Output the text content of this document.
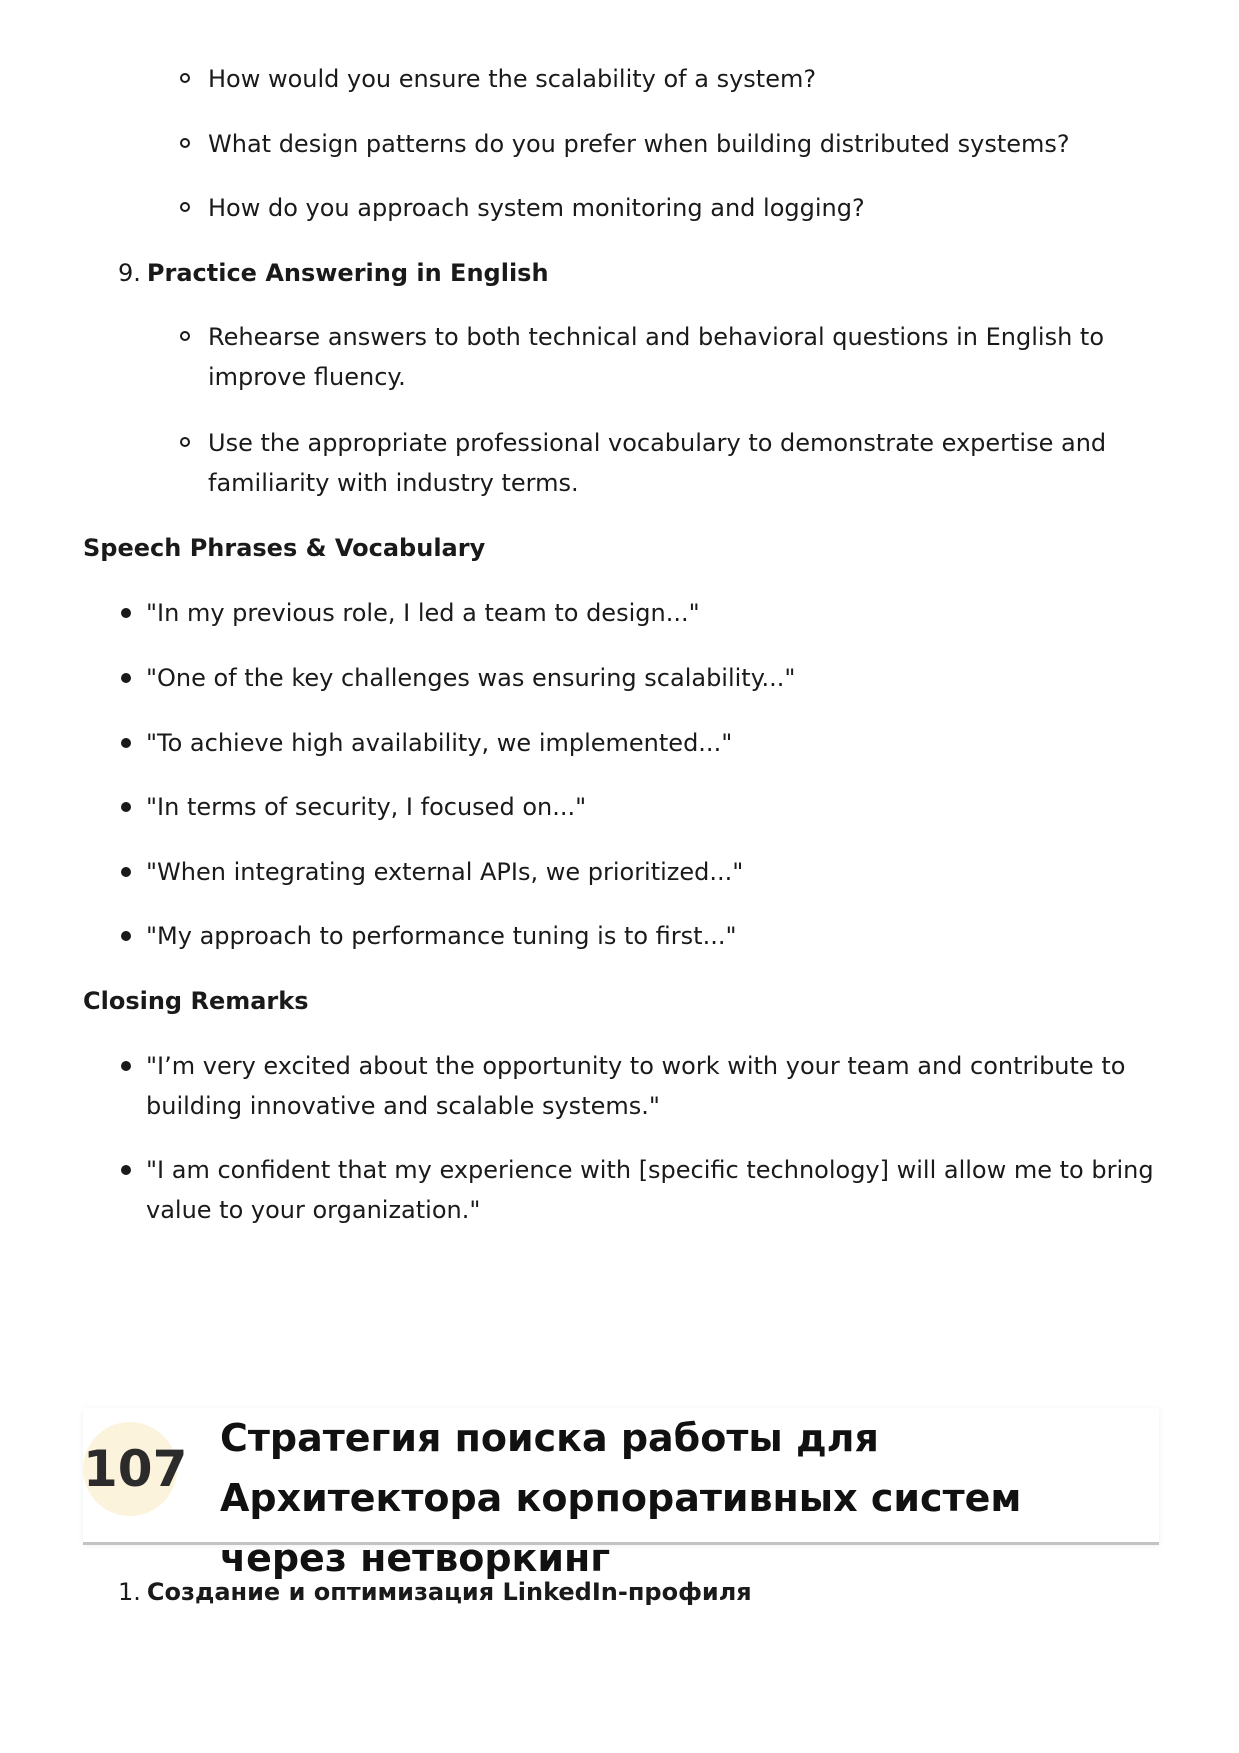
How would you ensure the scalability of a system?
What design patterns do you prefer when building distributed systems?
How do you approach system monitoring and logging?
9. Practice Answering in English
Rehearse answers to both technical and behavioral questions in English to improve fluency.
Use the appropriate professional vocabulary to demonstrate expertise and familiarity with industry terms.
Speech Phrases & Vocabulary
"In my previous role, I led a team to design..."
"One of the key challenges was ensuring scalability..."
"To achieve high availability, we implemented..."
"In terms of security, I focused on..."
"When integrating external APIs, we prioritized..."
"My approach to performance tuning is to first..."
Closing Remarks
"I’m very excited about the opportunity to work with your team and contribute to building innovative and scalable systems."
"I am confident that my experience with [specific technology] will allow me to bring value to your organization."
107
Стратегия поиска работы для Архитектора корпоративных систем через нетворкинг
1. Создание и оптимизация LinkedIn-профиля
